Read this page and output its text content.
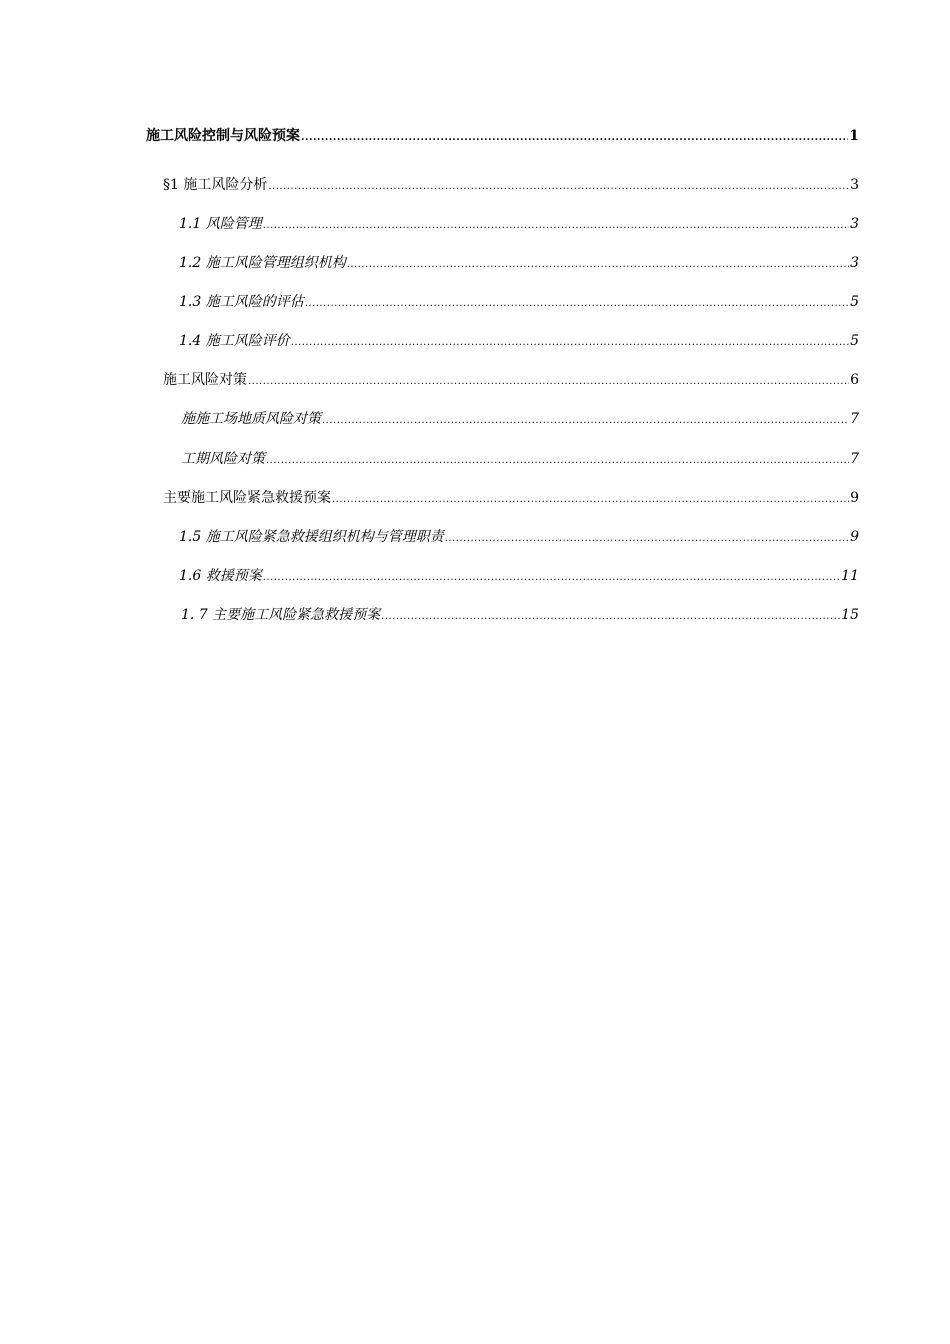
施工风险控制与风险预案 .....	1
§1 施工风险分析 .....	3
1.1 风险管理 .....	3
1.2 施工风险管理组织机构 .....	3
1.3 施工风险的评估 .....	5
1.4 施工风险评价 .....	5
施工风险对策 .....	6
施施工场地质风险对策 .....	7
工期风险对策 .....	7
主要施工风险紧急救援预案 .....	9
1.5 施工风险紧急救援组织机构与管理职责 .....	9
1.6 救援预案 .....	11
1. 7 主要施工风险紧急救援预案 .....	15
